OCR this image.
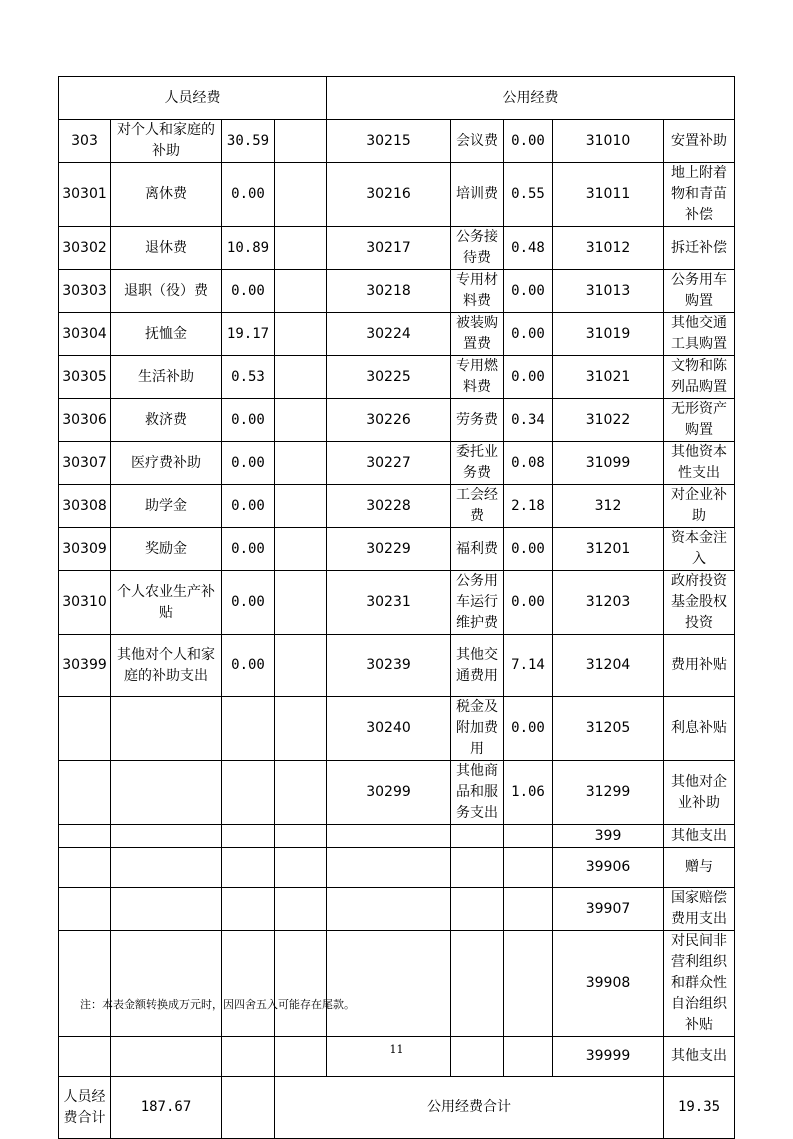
人员经费				公用经费					
303	对个人和家庭的补助	30.59		30215	会议费	0.00	31010	安置补助	
30301	离休费	0.00		30216	培训费	0.55	31011	地上附着物和青苗补偿	
30302	退休费	10.89		30217	公务接待费	0.48	31012	拆迁补偿	
30303	退职（役）费	0.00		30218	专用材料费	0.00	31013	公务用车购置	
30304	抚恤金	19.17		30224	被装购置费	0.00	31019	其他交通工具购置	
30305	生活补助	0.53		30225	专用燃料费	0.00	31021	文物和陈列品购置	
30306	救济费	0.00		30226	劳务费	0.34	31022	无形资产购置	
30307	医疗费补助	0.00		30227	委托业务费	0.08	31099	其他资本性支出	
30308	助学金	0.00		30228	工会经费	2.18	312	对企业补助	
30309	奖励金	0.00		30229	福利费	0.00	31201	资本金注入	
30310	个人农业生产补贴	0.00		30231	公务用车运行维护费	0.00	31203	政府投资基金股权投资	
30399	其他对个人和家庭的补助支出	0.00		30239	其他交通费用	7.14	31204	费用补贴	
				30240	税金及附加费用	0.00	31205	利息补贴	
				30299	其他商品和服务支出	1.06	31299	其他对企业补助	
							399	其他支出	
							39906	赠与	
							39907	国家赔偿费用支出	
							39908	对民间非营利组织和群众性自治组织补贴	
							39999	其他支出	
人员经费合计	187.67		公用经费合计					19.35	
注：本表金额转换成万元时，因四舍五入可能存在尾款。
11
